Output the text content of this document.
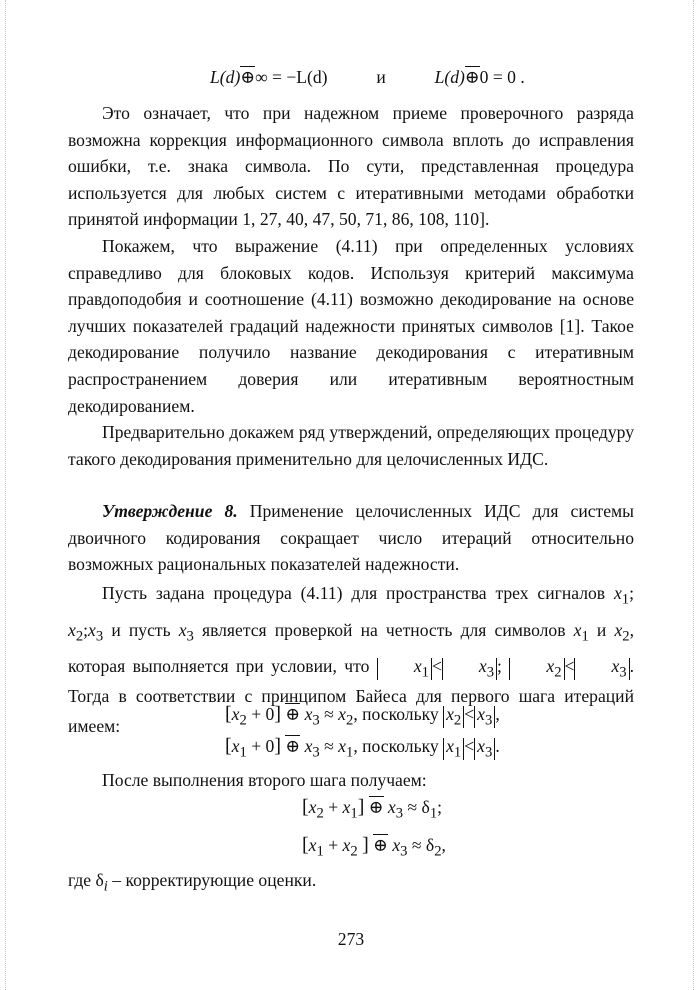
L(d)⊕∞ = −L(d)	и	L(d)⊕0 = 0 .

Это означает, что при надежном приеме проверочного разряда возможна коррекция информационного символа вплоть до исправления ошибки, т.е. знака символа. По сути, представленная процедура используется для любых систем с итеративными методами обработки принятой информации 1, 27, 40, 47, 50, 71, 86, 108, 110].

Покажем, что выражение (4.11) при определенных условиях справедливо для блоковых кодов. Используя критерий максимума правдоподобия и соотношение (4.11) возможно декодирование на основе лучших показателей градаций надежности принятых символов [1]. Такое декодирование получило название декодирования с итеративным распространением доверия или итеративным вероятностным декодированием.

Предварительно докажем ряд утверждений, определяющих процедуру такого декодирования применительно для целочисленных ИДС.

Утверждение 8. Применение целочисленных ИДС для системы двоичного кодирования сокращает число итераций относительно возможных рациональных показателей надежности.

Пусть задана процедура (4.11) для пространства трех сигналов $x_1$; $x_2;x_3$ и пусть $x_3$ является проверкой на четность для символов $x_1$ и $x_2$, которая выполняется при условии, что $x_1 < x_3$ ; $x_2 < x_3$ . Тогда в соответствии с принципом Байеса для первого шага итераций имеем:

$[x_2 + 0]$ ⊕ $x_3 \approx x_2$, поскольку $x_2 < x_3$ ,
$[x_1 + 0]$ ⊕ $x_3 \approx x_1$, поскольку $x_1 < x_3$ .

После выполнения второго шага получаем:

$[x_2 + x_1]$ ⊕ $x_3 \approx \delta_1$;
[$x_1 + x_2$ ] ⊕ $x_3 \approx \delta_2$,

где $\delta_i$ – корректирующие оценки.

273
